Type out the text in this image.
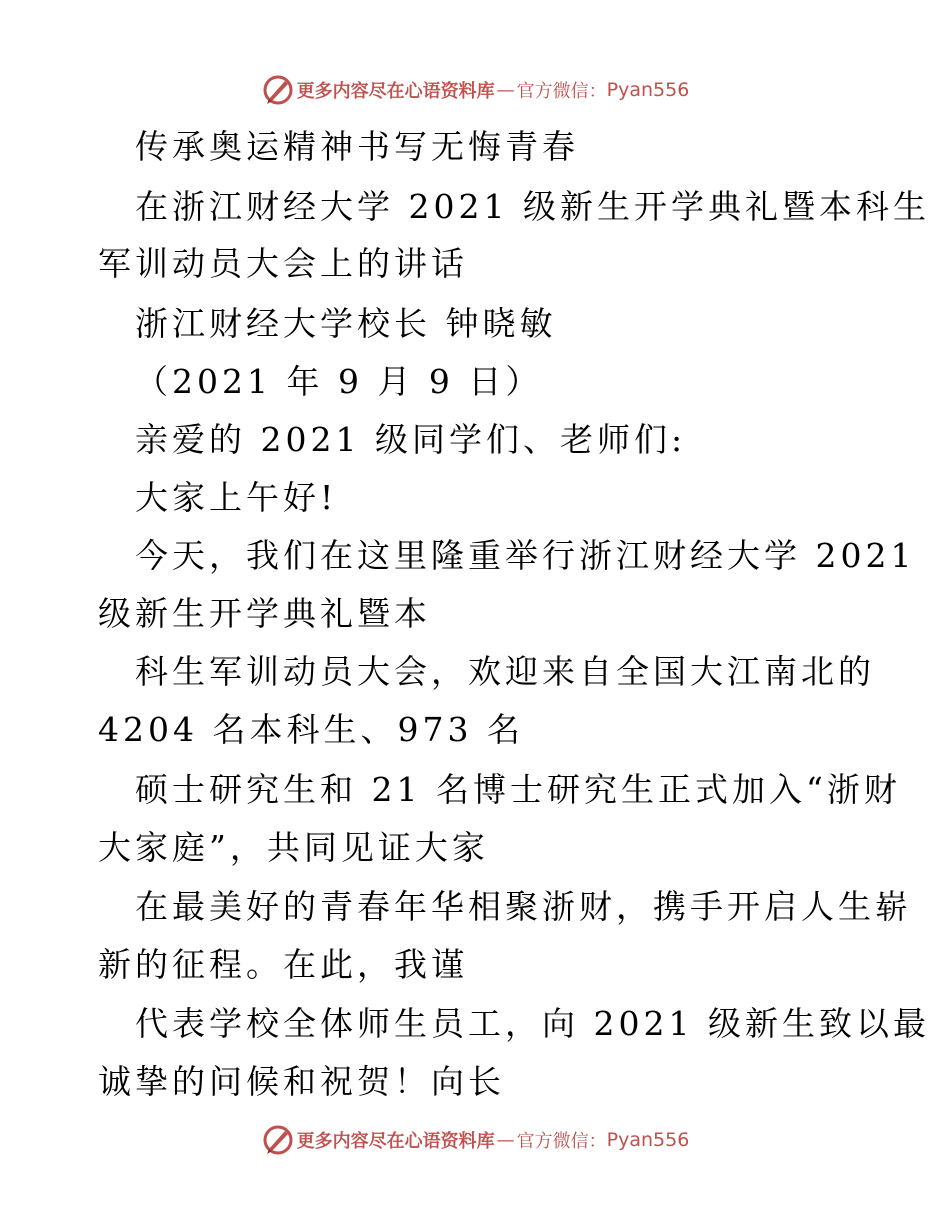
更多内容尽在心语资料库 — 官方微信： Pyan556
传承奥运精神书写无悔青春
在浙江财经大学 2021 级新生开学典礼暨本科生
军训动员大会上的讲话
浙江财经大学校长 钟晓敏
（2021 年 9 月 9 日）
亲爱的 2021 级同学们、老师们:
大家上午好!
今天，我们在这里隆重举行浙江财经大学 2021
级新生开学典礼暨本
科生军训动员大会，欢迎来自全国大江南北的
4204 名本科生、973 名
硕士研究生和 21 名博士研究生正式加入“浙财
大家庭”，共同见证大家
在最美好的青春年华相聚浙财，携手开启人生崭
新的征程。在此，我谨
代表学校全体师生员工，向 2021 级新生致以最
诚挚的问候和祝贺！向长
更多内容尽在心语资料库 — 官方微信： Pyan556
